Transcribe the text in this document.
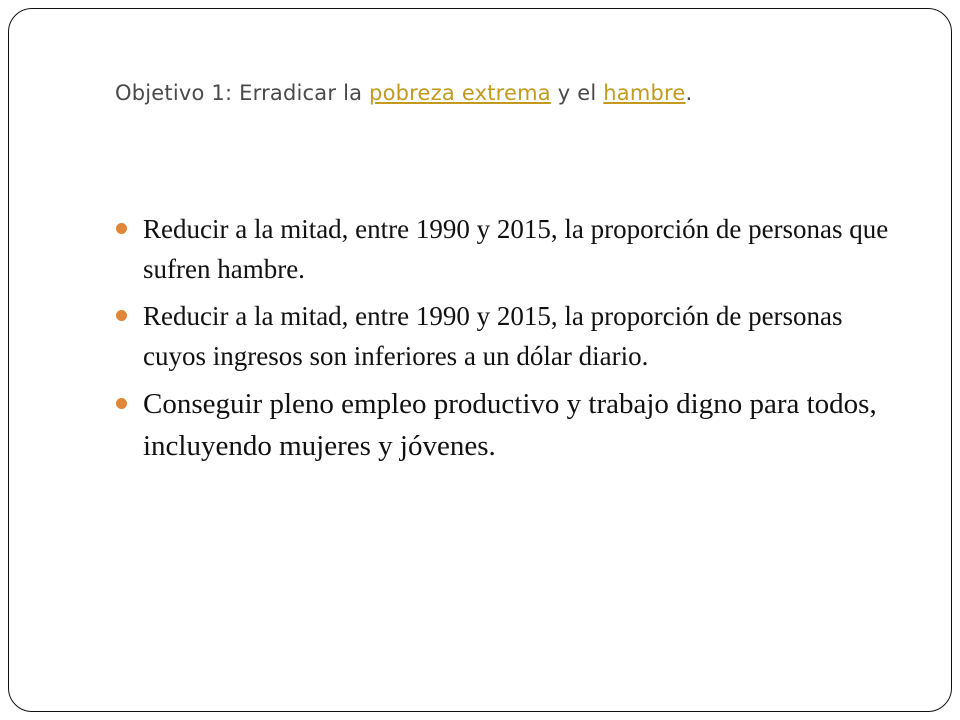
Objetivo 1: Erradicar la pobreza extrema y el hambre.
Reducir a la mitad, entre 1990 y 2015, la proporción de personas que sufren hambre.
Reducir a la mitad, entre 1990 y 2015, la proporción de personas cuyos ingresos son inferiores a un dólar diario.
Conseguir pleno empleo productivo y trabajo digno para todos, incluyendo mujeres y jóvenes.
